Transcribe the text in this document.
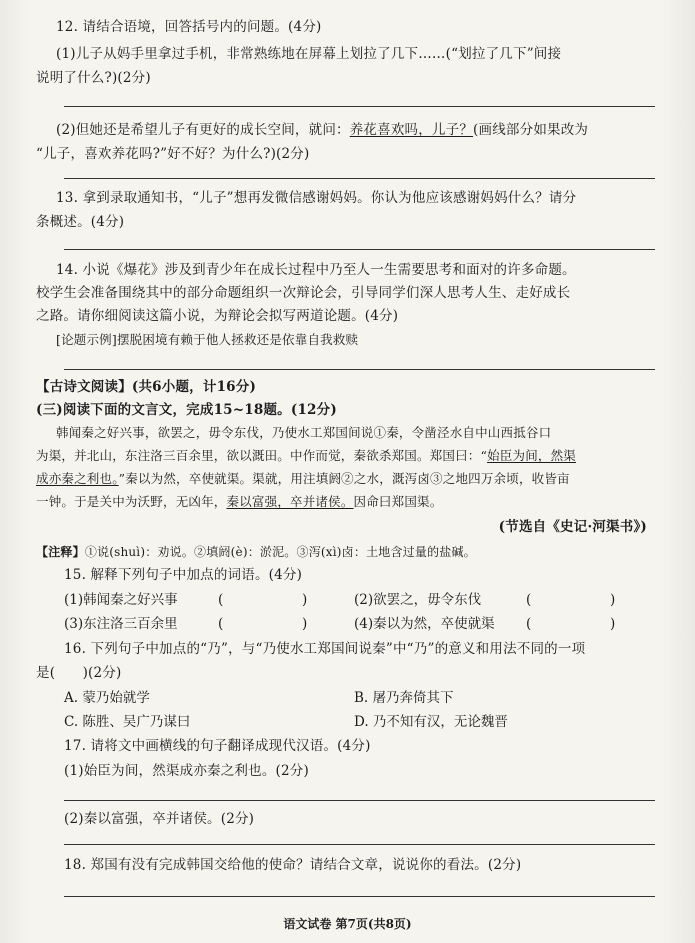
12. 请结合语境，回答括号内的问题。(4分)
(1)儿子从妈手里拿过手机，非常熟练地在屏幕上划拉了几下……(“划拉了几下”间接
说明了什么?)(2分)
(2)但她还是希望儿子有更好的成长空间，就问：养花喜欢吗，儿子？(画线部分如果改为
“儿子，喜欢养花吗?”好不好？为什么?)(2分)
13. 拿到录取通知书，“儿子”想再发微信感谢妈妈。你认为他应该感谢妈妈什么？请分
条概述。(4分)
14. 小说《爆花》涉及到青少年在成长过程中乃至人一生需要思考和面对的许多命题。
校学生会准备围绕其中的部分命题组织一次辩论会，引导同学们深人思考人生、走好成长
之路。请你细阅读这篇小说，为辩论会拟写两道论题。(4分)
[论题示例]摆脱困境有赖于他人拯救还是依靠自我救赎
【古诗文阅读】(共6小题，计16分)
(三)阅读下面的文言文，完成15~18题。(12分)
韩闻秦之好兴事，欲罢之，毋令东伐，乃使水工郑国间说①秦，令凿泾水自中山西抵谷口
为渠，并北山，东注洛三百余里，欲以溉田。中作而觉，秦欲杀郑国。郑国曰：“始臣为间，然渠
成亦秦之利也。”秦以为然，卒使就渠。渠就，用注填阏②之水，溉泻卤③之地四万余顷，收皆亩
一钟。于是关中为沃野，无凶年，秦以富强，卒并诸侯。因命曰郑国渠。
(节选自《史记·河渠书》)
【注释】①说(shuì)：劝说。②填阏(è)：淤泥。③泻(xì)卤：土地含过量的盐碱。
15. 解释下列句子中加点的词语。(4分)
(1)韩闻秦之好兴事	(	)	(2)欲罢之，毋令东伐	(	)
(3)东注洛三百余里	(	)	(4)秦以为然，卒使就渠 (	)
16. 下列句子中加点的“乃”，与“乃使水工郑国间说秦”中“乃”的意义和用法不同的一项
是(　　)(2分)
A. 蒙乃始就学	B. 屠乃奔倚其下
C. 陈胜、吴广乃谋曰	D. 乃不知有汉，无论魏晋
17. 请将文中画横线的句子翻译成现代汉语。(4分)
(1)始臣为间，然渠成亦秦之利也。(2分)
(2)秦以富强，卒并诸侯。(2分)
18. 郑国有没有完成韩国交给他的使命？请结合文章，说说你的看法。(2分)
语文试卷 第7页(共8页)
